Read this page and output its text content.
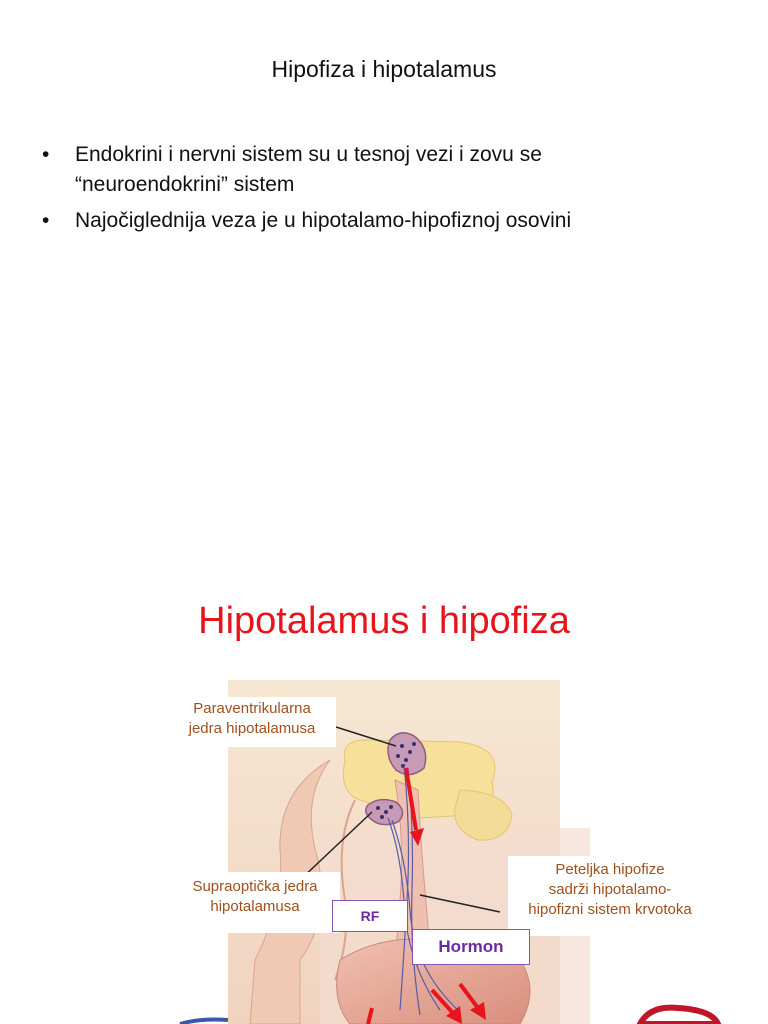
Hipofiza i hipotalamus
• Endokrini i nervni sistem su u tesnoj vezi i zovu se
“neuroendokrini” sistem
• Najočiglednija veza je u hipotalamo-hipofiznoj osovini
Hipotalamus i hipofiza
Paraventrikularna
jedra hipotalamusa
Supraoptička jedra
hipotalamusa
Peteljka hipofize
sadrži hipotalamo-
hipofizni sistem krvotoka
RF
Hormon
